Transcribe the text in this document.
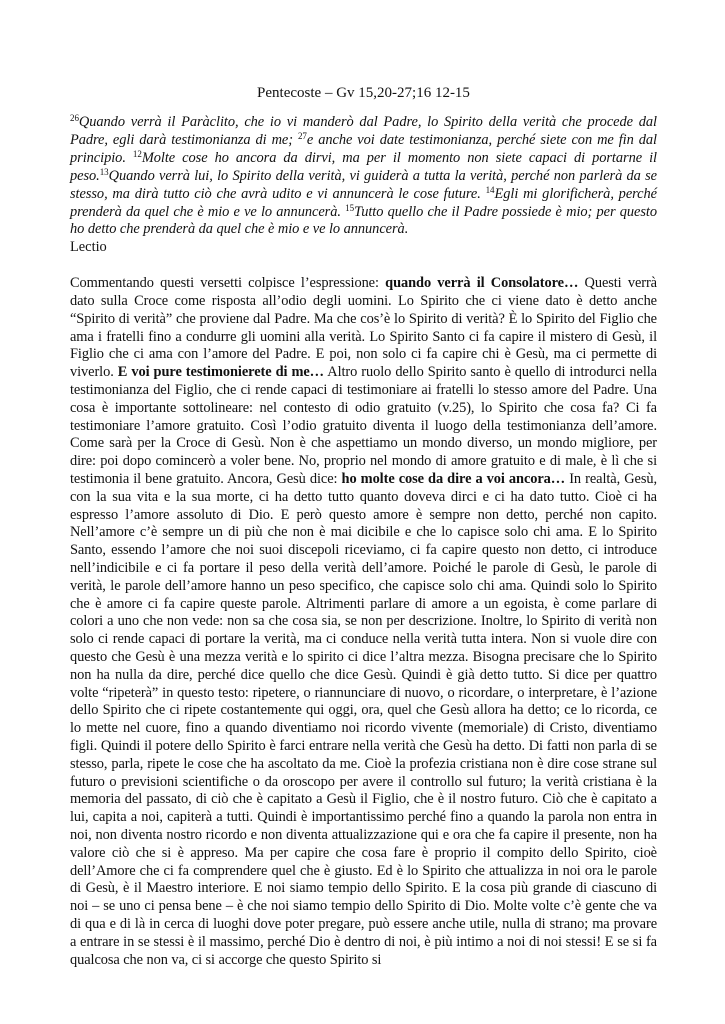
Pentecoste – Gv 15,20-27;16 12-15

$^{26}$Quando verrà il Paràclito, che io vi manderò dal Padre, lo Spirito della verità che procede dal Padre, egli darà testimonianza di me; $^{27}$e anche voi date testimonianza, perché siete con me fin dal principio. $^{12}$Molte cose ho ancora da dirvi, ma per il momento non siete capaci di portarne il peso.$^{13}$Quando verrà lui, lo Spirito della verità, vi guiderà a tutta la verità, perché non parlerà da se stesso, ma dirà tutto ciò che avrà udito e vi annuncerà le cose future. $^{14}$Egli mi glorificherà, perché prenderà da quel che è mio e ve lo annuncerà. $^{15}$Tutto quello che il Padre possiede è mio; per questo ho detto che prenderà da quel che è mio e ve lo annuncerà.

Lectio

Commentando questi versetti colpisce l’espressione: quando verrà il Consolatore… Questi verrà dato sulla Croce come risposta all’odio degli uomini. Lo Spirito che ci viene dato è detto anche “Spirito di verità” che proviene dal Padre. Ma che cos’è lo Spirito di verità? È lo Spirito del Figlio che ama i fratelli fino a condurre gli uomini alla verità. Lo Spirito Santo ci fa capire il mistero di Gesù, il Figlio che ci ama con l’amore del Padre. E poi, non solo ci fa capire chi è Gesù, ma ci permette di viverlo. E voi pure testimonierete di me… Altro ruolo dello Spirito santo è quello di introdurci nella testimonianza del Figlio, che ci rende capaci di testimoniare ai fratelli lo stesso amore del Padre. Una cosa è importante sottolineare: nel contesto di odio gratuito (v.25), lo Spirito che cosa fa? Ci fa testimoniare l’amore gratuito. Così l’odio gratuito diventa il luogo della testimonianza dell’amore. Come sarà per la Croce di Gesù. Non è che aspettiamo un mondo diverso, un mondo migliore, per dire: poi dopo comincerò a voler bene. No, proprio nel mondo di amore gratuito e di male, è lì che si testimonia il bene gratuito. Ancora, Gesù dice: ho molte cose da dire a voi ancora… In realtà, Gesù, con la sua vita e la sua morte, ci ha detto tutto quanto doveva dirci e ci ha dato tutto. Cioè ci ha espresso l’amore assoluto di Dio. E però questo amore è sempre non detto, perché non capito. Nell’amore c’è sempre un di più che non è mai dicibile e che lo capisce solo chi ama. E lo Spirito Santo, essendo l’amore che noi suoi discepoli riceviamo, ci fa capire questo non detto, ci introduce nell’indicibile e ci fa portare il peso della verità dell’amore. Poiché le parole di Gesù, le parole di verità, le parole dell’amore hanno un peso specifico, che capisce solo chi ama. Quindi solo lo Spirito che è amore ci fa capire queste parole. Altrimenti parlare di amore a un egoista, è come parlare di colori a uno che non vede: non sa che cosa sia, se non per descrizione. Inoltre, lo Spirito di verità non solo ci rende capaci di portare la verità, ma ci conduce nella verità tutta intera. Non si vuole dire con questo che Gesù è una mezza verità e lo spirito ci dice l’altra mezza. Bisogna precisare che lo Spirito non ha nulla da dire, perché dice quello che dice Gesù. Quindi è già detto tutto. Si dice per quattro volte “ripeterà” in questo testo: ripetere, o riannunciare di nuovo, o ricordare, o interpretare, è l’azione dello Spirito che ci ripete costantemente qui oggi, ora, quel che Gesù allora ha detto; ce lo ricorda, ce lo mette nel cuore, fino a quando diventiamo noi ricordo vivente (memoriale) di Cristo, diventiamo figli. Quindi il potere dello Spirito è farci entrare nella verità che Gesù ha detto. Di fatti non parla di se stesso, parla, ripete le cose che ha ascoltato da me. Cioè la profezia cristiana non è dire cose strane sul futuro o previsioni scientifiche o da oroscopo per avere il controllo sul futuro; la verità cristiana è la memoria del passato, di ciò che è capitato a Gesù il Figlio, che è il nostro futuro. Ciò che è capitato a lui, capita a noi, capiterà a tutti. Quindi è importantissimo perché fino a quando la parola non entra in noi, non diventa nostro ricordo e non diventa attualizzazione qui e ora che fa capire il presente, non ha valore ciò che si è appreso. Ma per capire che cosa fare è proprio il compito dello Spirito, cioè dell’Amore che ci fa comprendere quel che è giusto. Ed è lo Spirito che attualizza in noi ora le parole di Gesù, è il Maestro interiore. E noi siamo tempio dello Spirito. E la cosa più grande di ciascuno di noi – se uno ci pensa bene – è che noi siamo tempio dello Spirito di Dio. Molte volte c’è gente che va di qua e di là in cerca di luoghi dove poter pregare, può essere anche utile, nulla di strano; ma provare a entrare in se stessi è il massimo, perché Dio è dentro di noi, è più intimo a noi di noi stessi! E se si fa qualcosa che non va, ci si accorge che questo Spirito si
